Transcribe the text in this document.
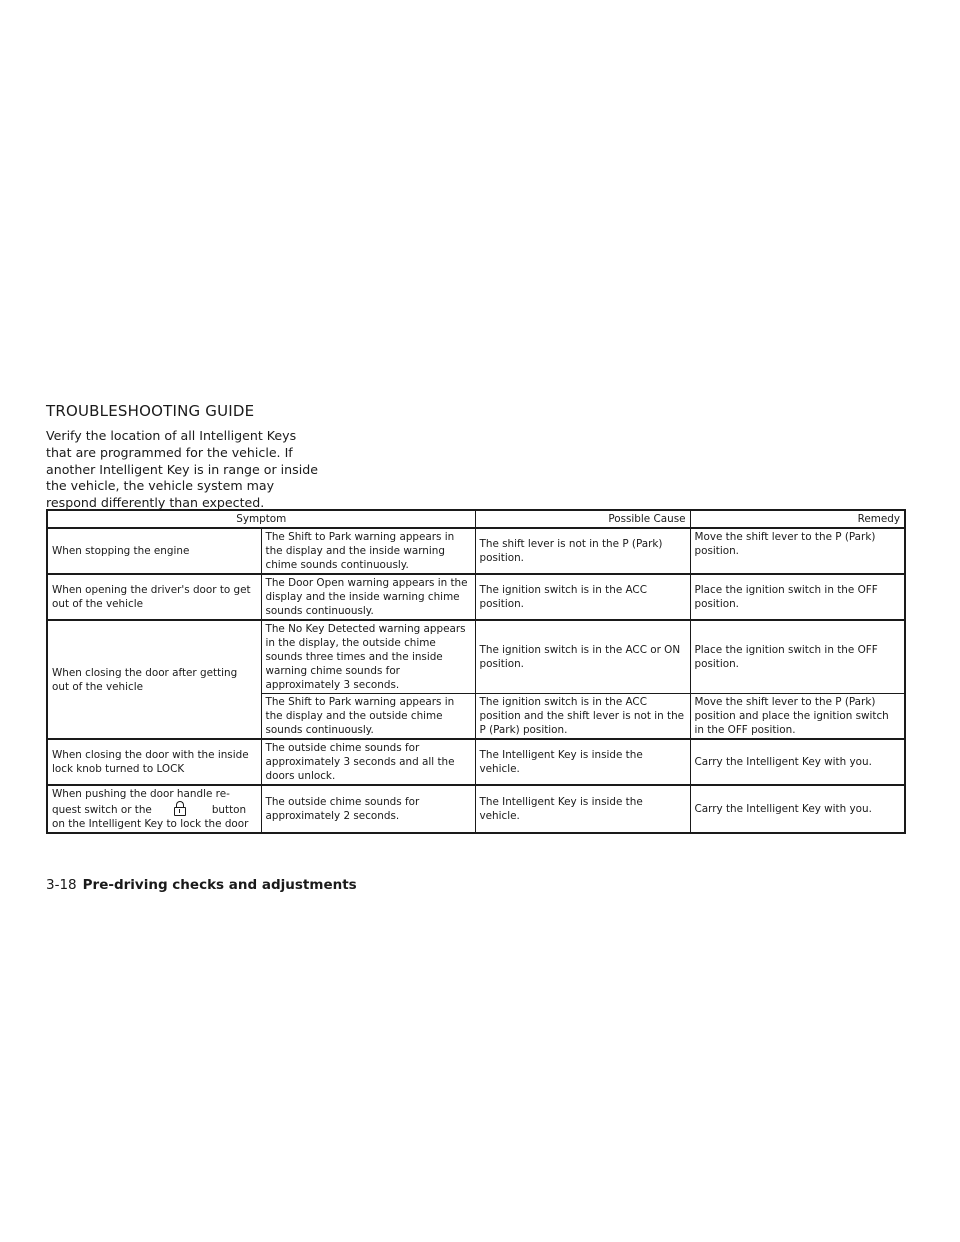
TROUBLESHOOTING GUIDE

Verify the location of all Intelligent Keys that are programmed for the vehicle. If another Intelligent Key is in range or inside the vehicle, the vehicle system may respond differently than expected.

Symptom		Possible Cause	Remedy
When stopping the engine	The Shift to Park warning appears in the display and the inside warning chime sounds continuously.	The shift lever is not in the P (Park) position.	Move the shift lever to the P (Park) position.
When opening the driver's door to get out of the vehicle	The Door Open warning appears in the display and the inside warning chime sounds continuously.	The ignition switch is in the ACC position.	Place the ignition switch in the OFF position.
When closing the door after getting out of the vehicle	The No Key Detected warning appears in the display, the outside chime sounds three times and the inside warning chime sounds for approximately 3 seconds.	The ignition switch is in the ACC or ON position.	Place the ignition switch in the OFF position.
	The Shift to Park warning appears in the display and the outside chime sounds continuously.	The ignition switch is in the ACC position and the shift lever is not in the P (Park) position.	Move the shift lever to the P (Park) position and place the ignition switch in the OFF position.
When closing the door with the inside lock knob turned to LOCK	The outside chime sounds for approximately 3 seconds and all the doors unlock.	The Intelligent Key is inside the vehicle.	Carry the Intelligent Key with you.

When pushing the door handle re-
quest switch or the button
on the Intelligent Key to lock the door	The outside chime sounds for approximately 2 seconds.	The Intelligent Key is inside the vehicle.	Carry the Intelligent Key with you.
3-18 Pre-driving checks and adjustments
